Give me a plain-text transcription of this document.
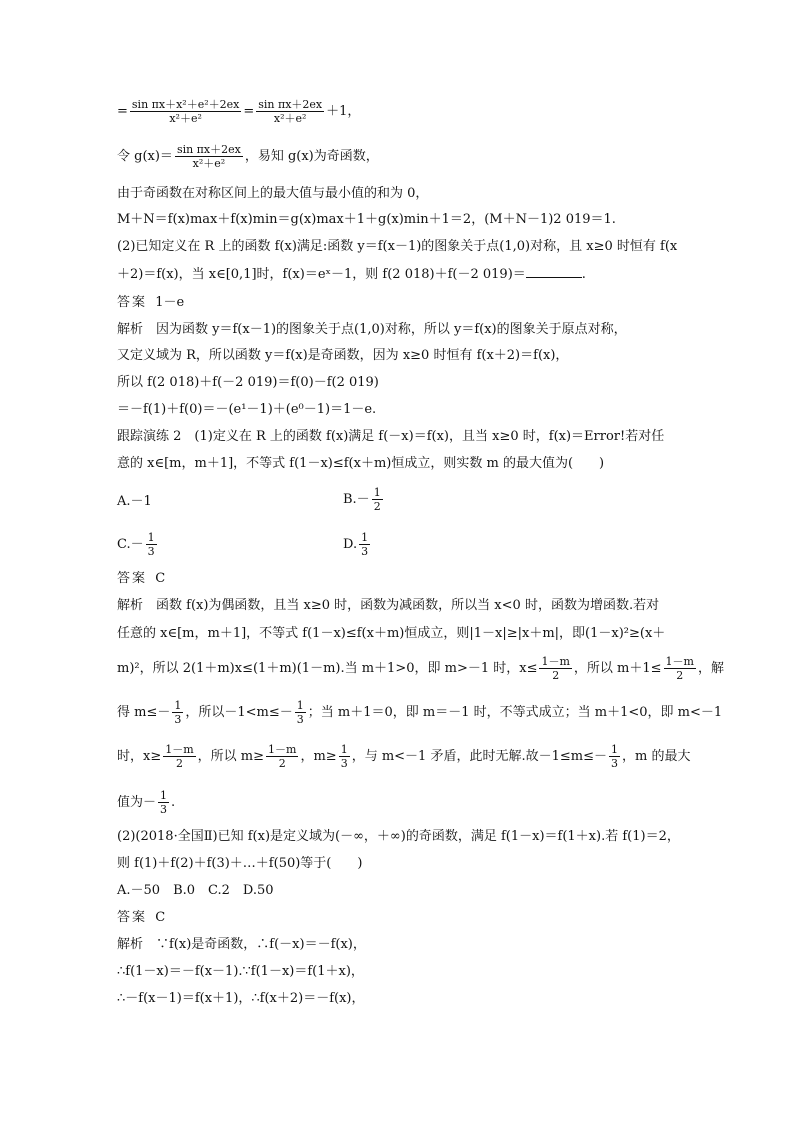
= $\frac{\text{sin πx＋x²＋e²＋2ex}}{\text{x²＋e²}} = \frac{\text{sin πx＋2ex}}{\text{x²＋e²}} +1$，
令 $g(x)= \frac{\text{sin πx＋2ex}}{\text{x²＋e²}}$ ，易知 g(x)为奇函数，
由于奇函数在对称区间上的最大值与最小值的和为 0，
M＋N＝f(x)max＋f(x)min＝g(x)max＋1＋g(x)min＋1＝2，(M＋N－1)2 019＝1.
(2)已知定义在 R 上的函数 f(x)满足:函数 y＝f(x－1)的图象关于点(1,0)对称，且 x≥0 时恒有 f(x
＋2)＝f(x)，当 x∈[0,1]时，f(x)＝eˣ－1，则 f(2 018)＋f(－2 019)＝	.
答案 1－e
解析　因为函数 y＝f(x－1)的图象关于点(1,0)对称，所以 y＝f(x)的图象关于原点对称，
又定义域为 R，所以函数 y＝f(x)是奇函数，因为 x≥0 时恒有 f(x＋2)＝f(x)，
所以 f(2 018)＋f(－2 019)＝f(0)－f(2 019)
＝－f(1)＋f(0)＝－(e¹－1)＋(e⁰－1)＝1－e.
跟踪演练 2　(1)定义在 R 上的函数 f(x)满足 f(－x)＝f(x)，且当 x≥0 时，f(x)＝Error!若对任
意的 x∈[m，m＋1]，不等式 f(1－x)≤f(x＋m)恒成立，则实数 m 的最大值为(　　)
A.－1	$B.- \frac{1}{2}$
$C.- \frac{1}{3}$	D. $\frac{1}{3}$
答案 C
解析　函数 f(x)为偶函数，且当 x≥0 时，函数为减函数，所以当 x<0 时，函数为增函数.若对
任意的 x∈[m，m＋1]，不等式 f(1－x)≤f(x＋m)恒成立，则|1－x|≥|x＋m|，即(1－x)²≥(x＋
m)²，所以 2(1＋m)x≤(1＋m)(1－m).当 m＋1>0，即 m>－1 时，$x\le \frac{1-m}{2}$ ，所以 $m+1\le \frac{1-m}{2}$ ，解
得 $m\le- \frac{1}{3}$ ，所以$-1<m\le- \frac{1}{3}$ ；当 m＋1＝0，即 m＝－1 时，不等式成立；当 m＋1<0，即 m<－1
时，$x\ge \frac{1-m}{2}$ ，所以 $m\ge \frac{1-m}{2}$ ，$m\ge \frac{1}{3}$ ，与 m<－1 矛盾，此时无解.故$-1\le m\le- \frac{1}{3}$ ，m 的最大
值为－ $\frac{1}{3}$ .
(2)(2018·全国Ⅱ)已知 f(x)是定义域为(－∞，＋∞)的奇函数，满足 f(1－x)＝f(1＋x).若 f(1)＝2，
则 f(1)＋f(2)＋f(3)＋…＋f(50)等于(　　)
A.－50　B.0　C.2　D.50
答案 C
解析　∵f(x)是奇函数，∴f(－x)＝－f(x)，
∴f(1－x)＝－f(x－1).∵f(1－x)＝f(1＋x)，
∴－f(x－1)＝f(x＋1)，∴f(x＋2)＝－f(x)，
